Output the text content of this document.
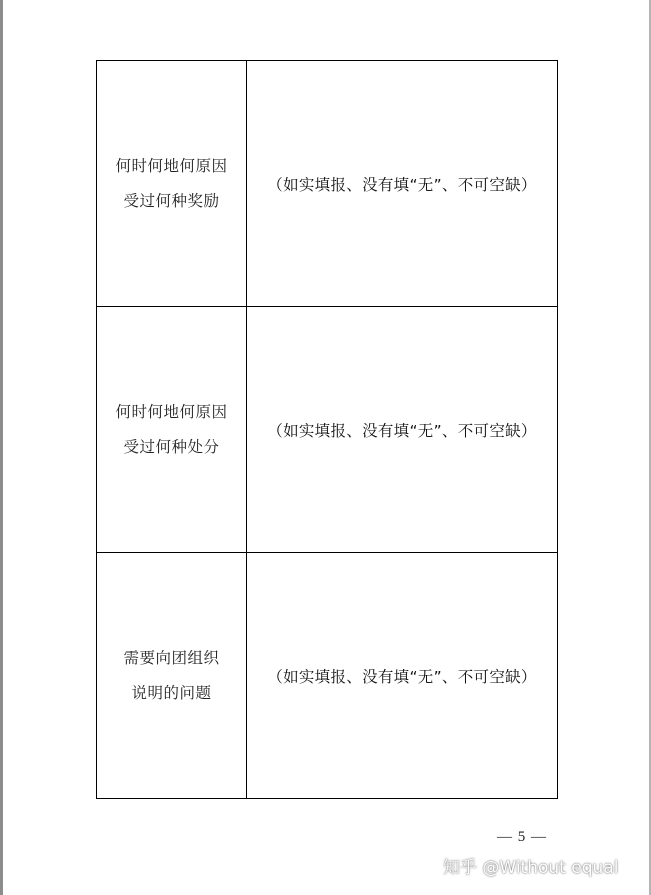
何时何地何原因
受过何种奖励	（如实填报、没有填“无”、不可空缺）

何时何地何原因
受过何种处分	（如实填报、没有填“无”、不可空缺）

需要向团组织
说明的问题	（如实填报、没有填“无”、不可空缺）
— 5 —
知乎 @Without equal
